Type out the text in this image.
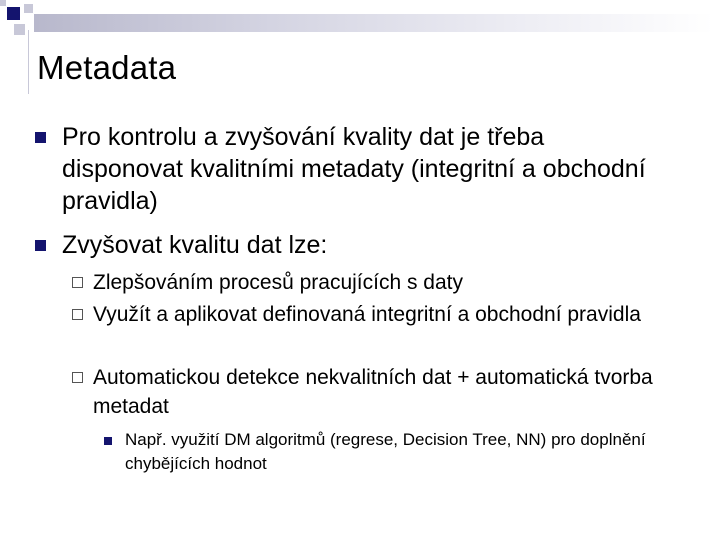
Metadata
Pro kontrolu a zvyšování kvality dat je třeba disponovat kvalitními metadaty (integritní a obchodní pravidla)
Zvyšovat kvalitu dat lze:
Zlepšováním procesů pracujících s daty
Využít a aplikovat definovaná integritní a obchodní pravidla
Automatickou detekce nekvalitních dat + automatická tvorba metadat
Např. využití DM algoritmů (regrese, Decision Tree, NN) pro doplnění chybějících hodnot
